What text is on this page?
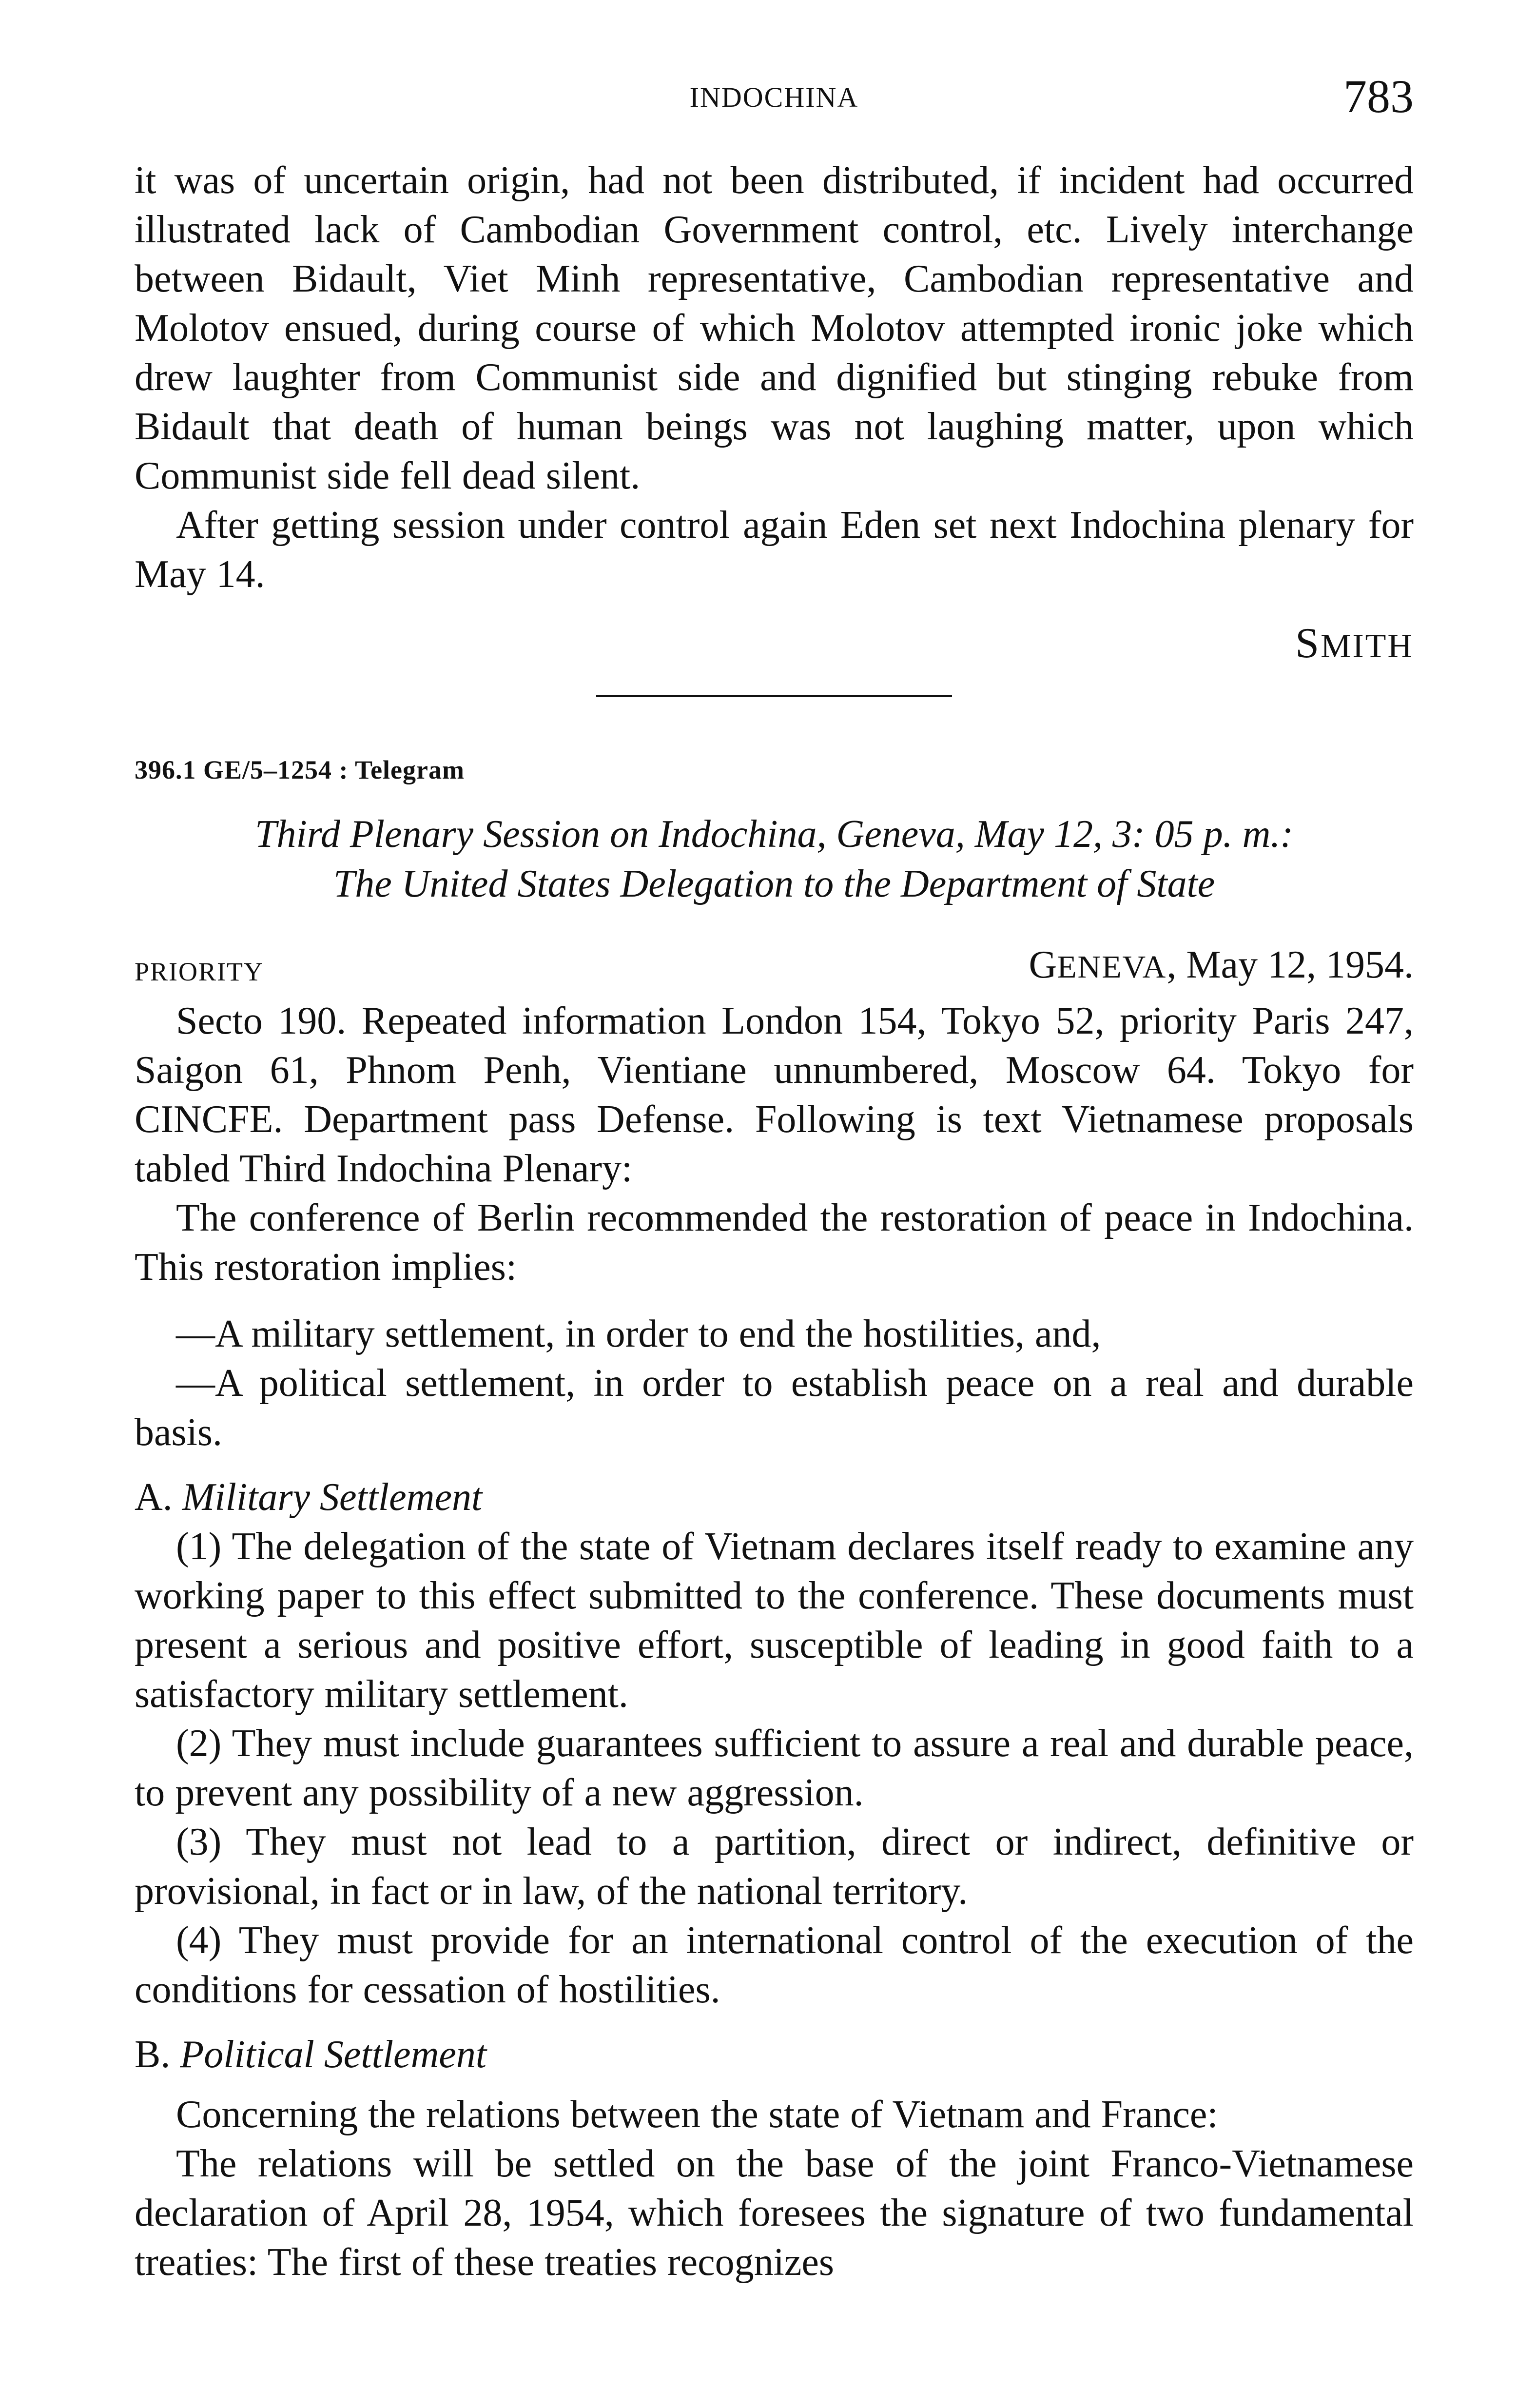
INDOCHINA	783

it was of uncertain origin, had not been distributed, if incident had occurred illustrated lack of Cambodian Government control, etc. Lively interchange between Bidault, Viet Minh representative, Cambodian representative and Molotov ensued, during course of which Molotov attempted ironic joke which drew laughter from Communist side and dignified but stinging rebuke from Bidault that death of human beings was not laughing matter, upon which Communist side fell dead silent.

After getting session under control again Eden set next Indochina plenary for May 14.

SMITH
396.1 GE/5–1254 : Telegram
Third Plenary Session on Indochina, Geneva, May 12, 3: 05 p. m.:
The United States Delegation to the Department of State
PRIORITY	GENEVA, May 12, 1954.

Secto 190. Repeated information London 154, Tokyo 52, priority Paris 247, Saigon 61, Phnom Penh, Vientiane unnumbered, Moscow 64. Tokyo for CINCFE. Department pass Defense. Following is text Vietnamese proposals tabled Third Indochina Plenary:

The conference of Berlin recommended the restoration of peace in Indochina. This restoration implies:

—A military settlement, in order to end the hostilities, and,

—A political settlement, in order to establish peace on a real and durable basis.

A. Military Settlement

(1) The delegation of the state of Vietnam declares itself ready to examine any working paper to this effect submitted to the conference. These documents must present a serious and positive effort, susceptible of leading in good faith to a satisfactory military settlement.

(2) They must include guarantees sufficient to assure a real and durable peace, to prevent any possibility of a new aggression.

(3) They must not lead to a partition, direct or indirect, definitive or provisional, in fact or in law, of the national territory.

(4) They must provide for an international control of the execution of the conditions for cessation of hostilities.

B. Political Settlement

Concerning the relations between the state of Vietnam and France:

The relations will be settled on the base of the joint Franco-Vietnamese declaration of April 28, 1954, which foresees the signature of two fundamental treaties: The first of these treaties recognizes
